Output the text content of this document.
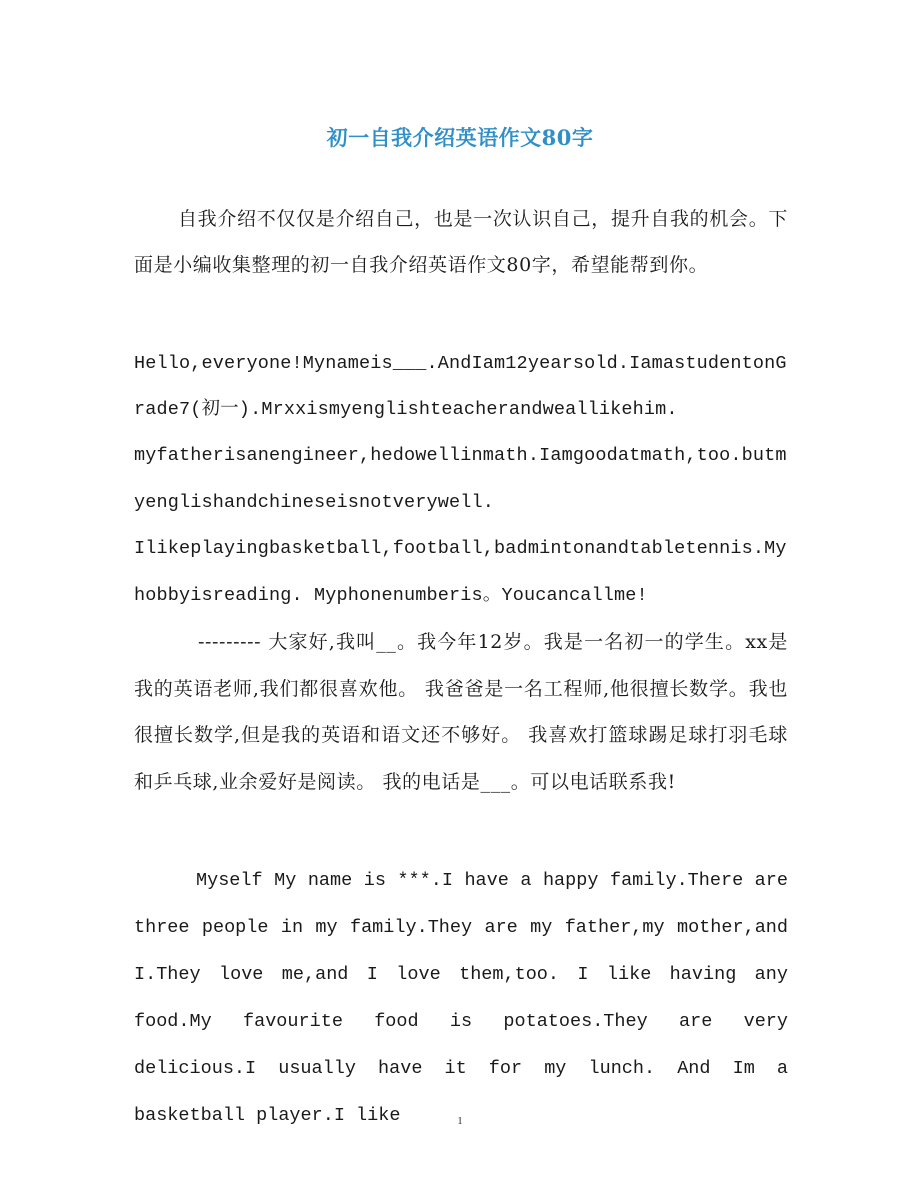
初一自我介绍英语作文80字

自我介绍不仅仅是介绍自己，也是一次认识自己，提升自我的机会。下面是小编收集整理的初一自我介绍英语作文80字，希望能帮到你。

Hello,everyone!Mynameis___.AndIam12yearsold.IamastudentonGrade7(初一).Mrxxismyenglishteacherandweallikehim.

myfatherisanengineer,hedowellinmath.Iamgoodatmath,too.butmyenglishandchineseisnotverywell.

Ilikeplayingbasketball,football,badmintonandtabletennis.Myhobbyisreading. Myphonenumberis。Youcancallme!

--------- 大家好,我叫__。我今年12岁。我是一名初一的学生。xx是我的英语老师,我们都很喜欢他。 我爸爸是一名工程师,他很擅长数学。我也很擅长数学,但是我的英语和语文还不够好。 我喜欢打篮球踢足球打羽毛球和乒乓球,业余爱好是阅读。 我的电话是___。可以电话联系我!

Myself My name is ***.I have a happy family.There are three people in my family.They are my father,my mother,and I.They love me,and I love them,too. I like having any food.My favourite food is potatoes.They are very delicious.I usually have it for my lunch. And Im a basketball player.I like	1
